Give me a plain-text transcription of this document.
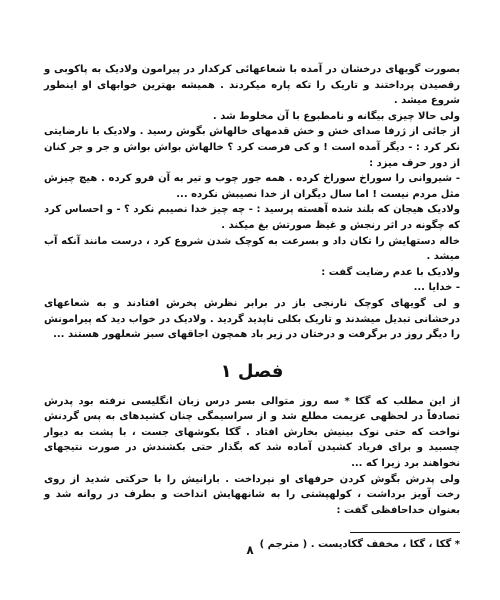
بصورت گویهای درخشان در آمده با شعاعهائی کرکدار در پیرامون ولادیک به پاکوبی و رقصیدن پرداختند و تاریک را تکه پاره میکردند . همیشه بهترین خوابهای او اینطور شروع میشد .

ولی حالا چیزی بیگانه و نامطبوع با آن مخلوط شد .

از جائی از ژرفا صدای خش و خش قدمهای خالهاش بگوش رسید . ولادیک با نارضایتی نکر کرد : - دیگر آمده است ! و کی فرصت کرد ؟ خالهاش بواش بواش و جر و جر کنان از دور حرف میزد :

- شیروانی را سوراخ سوراخ کرده . همه جور چوب و تیر به آن فرو کرده . هیچ چیزش مثل مردم نیست ! اما سال دیگران از خدا نصیبش نکرده ...

ولادیک هیجان که بلند شده آهسته پرسید : - چه چیز خدا نصیبم نکرد ؟ - و احساس کرد که چگونه در اثر رنجش و غیظ صورتش بغ میکند .

خاله دستهایش را تکان داد و بسرعت به کوچک شدن شروع کرد ، درست مانند آنکه آب میشد .

ولادیک با عدم رضایت گفت :

- خدایا ...

و لی گویهای کوچک نارنجی باز در برابر نظرش پخرش افتادند و به شعاعهای درخشانی تبدیل میشدند و تاریک بکلی ناپدید گردید . ولادیک در خواب دید که پیرامونش را دیگر روز در برگرفت و درختان در زیر باد همچون اجاقهای سبز شعلهور هستند ...

فصل ۱

از این مطلب که گکا * سه روز متوالی بسر درس زبان انگلیسی نرفته بود پدرش تصادفاً در لحظهی عزیمت مطلع شد و از سراسیمگی چنان کشیدهای به پس گردنش نواخت که حتی نوک بینیش بخارش افتاد . گکا بکوشهای جست ، با پشت به دیوار چسبید و برای فریاد کشیدن آماده شد که بگذار حتی بکشندش در صورت نتیجهای نخواهند برد زیرا که ...

ولی پدرش بگوش کردن حرفهای او نپرداخت . بارانیش را با حرکتی شدید از روی رخت آویز برداشت ، کولهپشتی را به شانههایش انداخت و بطرف در روانه شد و بعنوان خداحافظی گفت :

* گکا ، گکا ، مخفف گکادیست . ( مترجم )

۸
